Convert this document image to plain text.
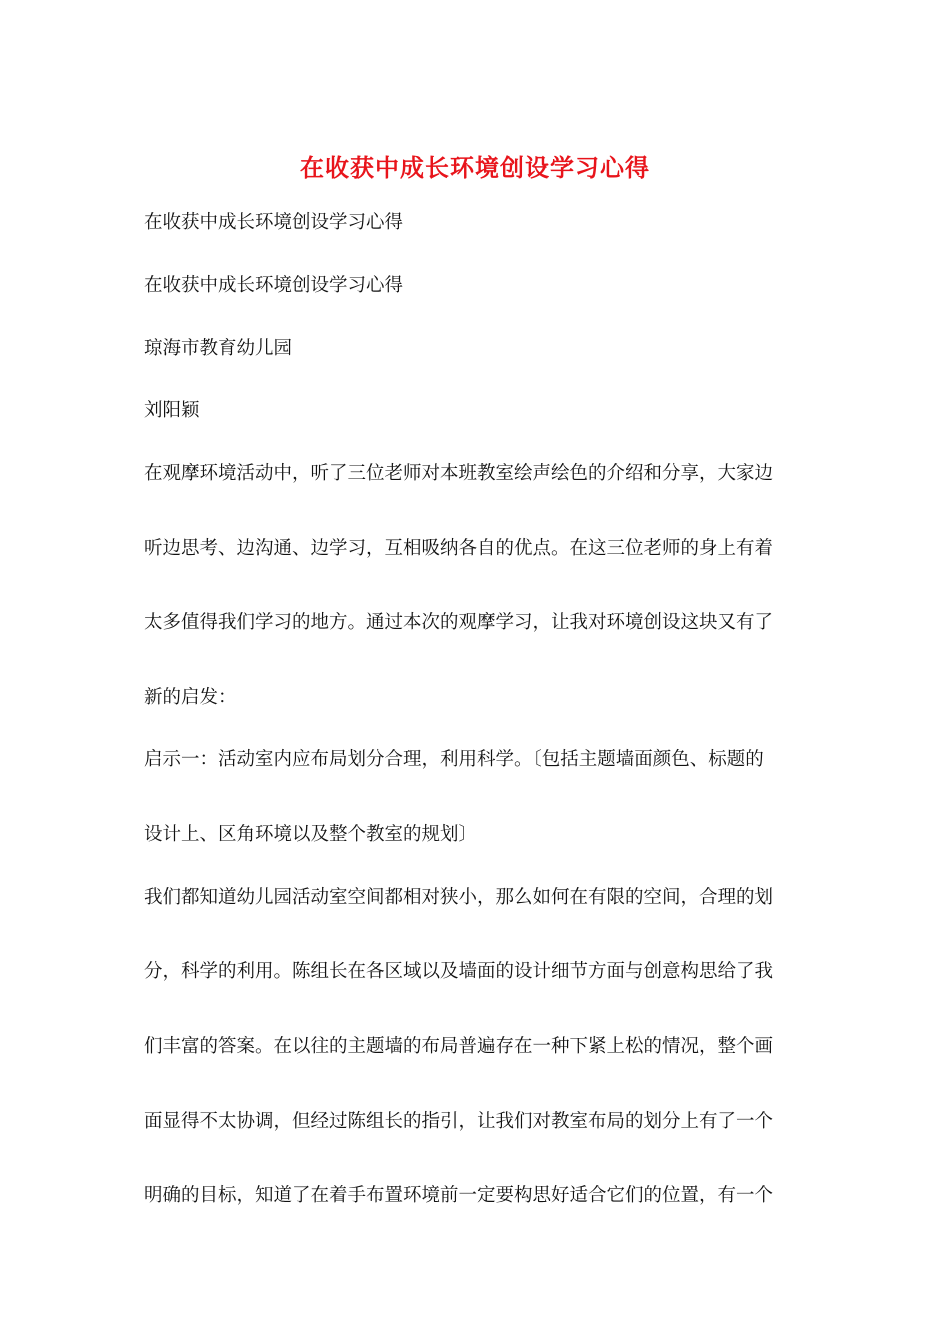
在收获中成长环境创设学习心得
在收获中成长环境创设学习心得
在收获中成长环境创设学习心得
琼海市教育幼儿园
刘阳颖
在观摩环境活动中，听了三位老师对本班教室绘声绘色的介绍和分享，大家边
听边思考、边沟通、边学习，互相吸纳各自的优点。在这三位老师的身上有着
太多值得我们学习的地方。通过本次的观摩学习，让我对环境创设这块又有了
新的启发：
启示一：活动室内应布局划分合理，利用科学。〔包括主题墙面颜色、标题的
设计上、区角环境以及整个教室的规划〕
我们都知道幼儿园活动室空间都相对狭小，那么如何在有限的空间，合理的划
分，科学的利用。陈组长在各区域以及墙面的设计细节方面与创意构思给了我
们丰富的答案。在以往的主题墙的布局普遍存在一种下紧上松的情况，整个画
面显得不太协调，但经过陈组长的指引，让我们对教室布局的划分上有了一个
明确的目标，知道了在着手布置环境前一定要构思好适合它们的位置，有一个
